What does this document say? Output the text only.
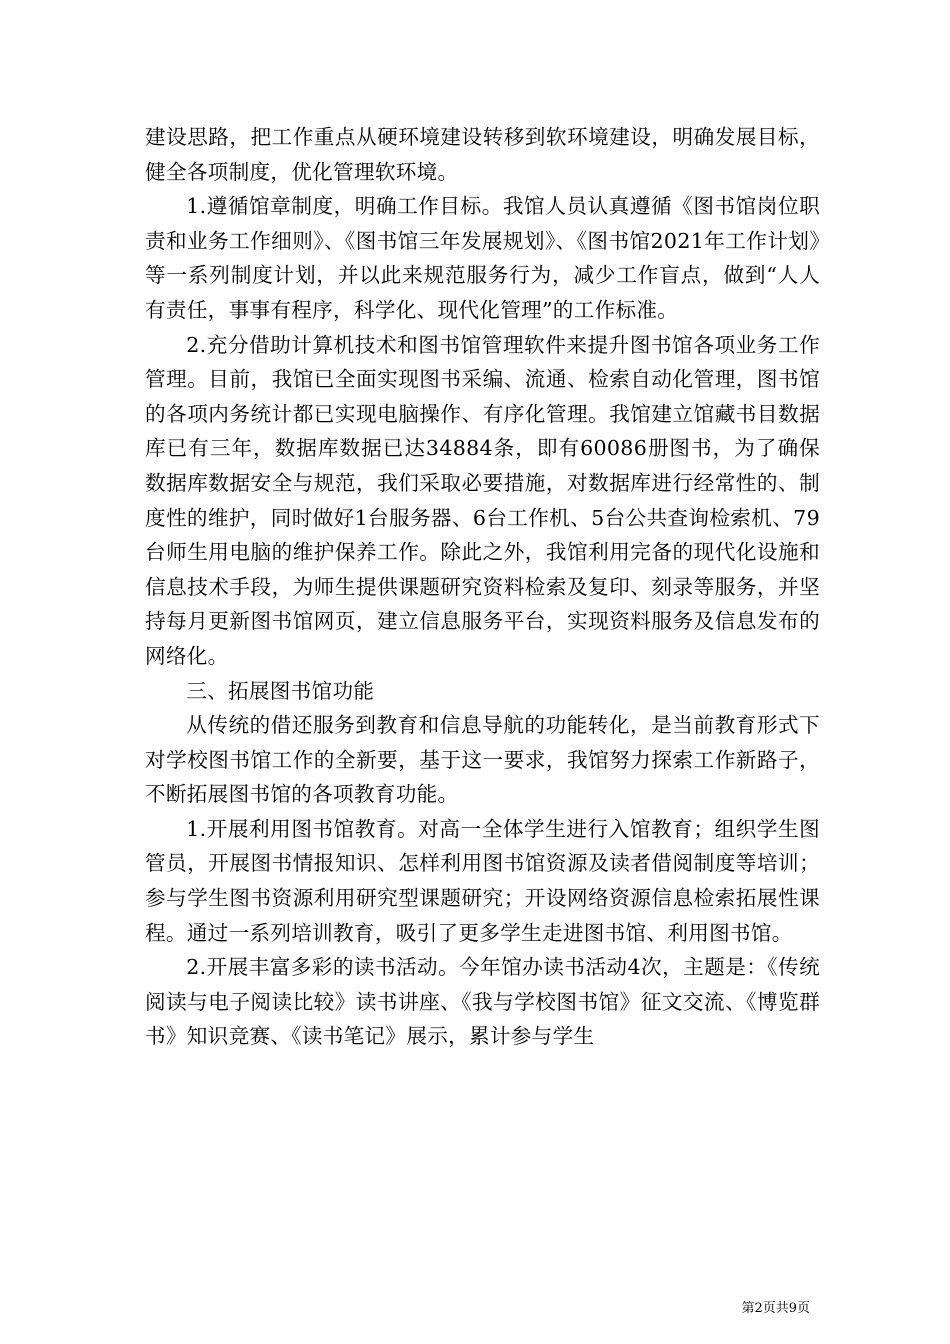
建设思路，把工作重点从硬环境建设转移到软环境建设，明确发展目标，健全各项制度，优化管理软环境。

1.遵循馆章制度，明确工作目标。我馆人员认真遵循《图书馆岗位职责和业务工作细则》、《图书馆三年发展规划》、《图书馆2021年工作计划》等一系列制度计划，并以此来规范服务行为，减少工作盲点，做到“人人有责任，事事有程序，科学化、现代化管理”的工作标准。

2.充分借助计算机技术和图书馆管理软件来提升图书馆各项业务工作管理。目前，我馆已全面实现图书采编、流通、检索自动化管理，图书馆的各项内务统计都已实现电脑操作、有序化管理。我馆建立馆藏书目数据库已有三年，数据库数据已达34884条，即有60086册图书，为了确保数据库数据安全与规范，我们采取必要措施，对数据库进行经常性的、制度性的维护，同时做好1台服务器、6台工作机、5台公共查询检索机、79台师生用电脑的维护保养工作。除此之外，我馆利用完备的现代化设施和信息技术手段，为师生提供课题研究资料检索及复印、刻录等服务，并坚持每月更新图书馆网页，建立信息服务平台，实现资料服务及信息发布的网络化。

三、拓展图书馆功能

从传统的借还服务到教育和信息导航的功能转化，是当前教育形式下对学校图书馆工作的全新要，基于这一要求，我馆努力探索工作新路子，不断拓展图书馆的各项教育功能。

1.开展利用图书馆教育。对高一全体学生进行入馆教育；组织学生图管员，开展图书情报知识、怎样利用图书馆资源及读者借阅制度等培训；参与学生图书资源利用研究型课题研究；开设网络资源信息检索拓展性课程。通过一系列培训教育，吸引了更多学生走进图书馆、利用图书馆。

2.开展丰富多彩的读书活动。今年馆办读书活动4次，主题是：《传统阅读与电子阅读比较》读书讲座、《我与学校图书馆》征文交流、《博览群书》知识竞赛、《读书笔记》展示，累计参与学生

第2页共9页
